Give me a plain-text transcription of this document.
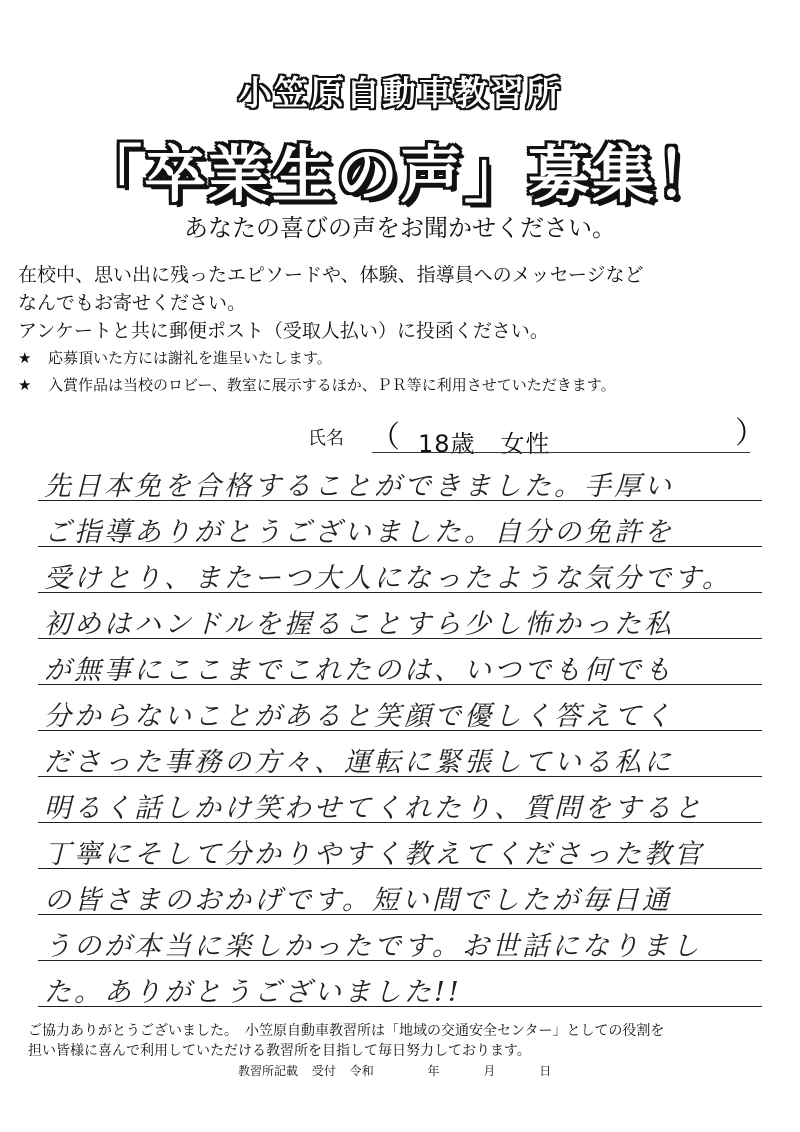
小笠原自動車教習所
「卒業生の声」募集！
あなたの喜びの声をお聞かせください。
在校中、思い出に残ったエピソードや、体験、指導員へのメッセージなど
なんでもお寄せください。
アンケートと共に郵便ポスト（受取人払い）に投函ください。
★ 応募頂いた方には謝礼を進呈いたします。
★ 入賞作品は当校のロビー、教室に展示するほか、ＰＲ等に利用させていただきます。
氏名 （ 18歳　女性	）
先日本免を合格することができました。手厚い
ご指導ありがとうございました。自分の免許を
受けとり、またーつ大人になったような気分です。
初めはハンドルを握ることすら少し怖かった私
が無事にここまでこれたのは、いつでも何でも
分からないことがあると笑顔で優しく答えてく
ださった事務の方々、運転に緊張している私に
明るく話しかけ笑わせてくれたり、質問をすると
丁寧にそして分かりやすく教えてくださった教官
の皆さまのおかげです。短い間でしたが毎日通
うのが本当に楽しかったです。お世話になりまし
た。ありがとうございました!!
ご協力ありがとうございました。　小笠原自動車教習所は「地域の交通安全センター」としての役割を
担い皆様に喜んで利用していただける教習所を目指して毎日努力しております。
教習所記載 受付 令和	年	月	日
